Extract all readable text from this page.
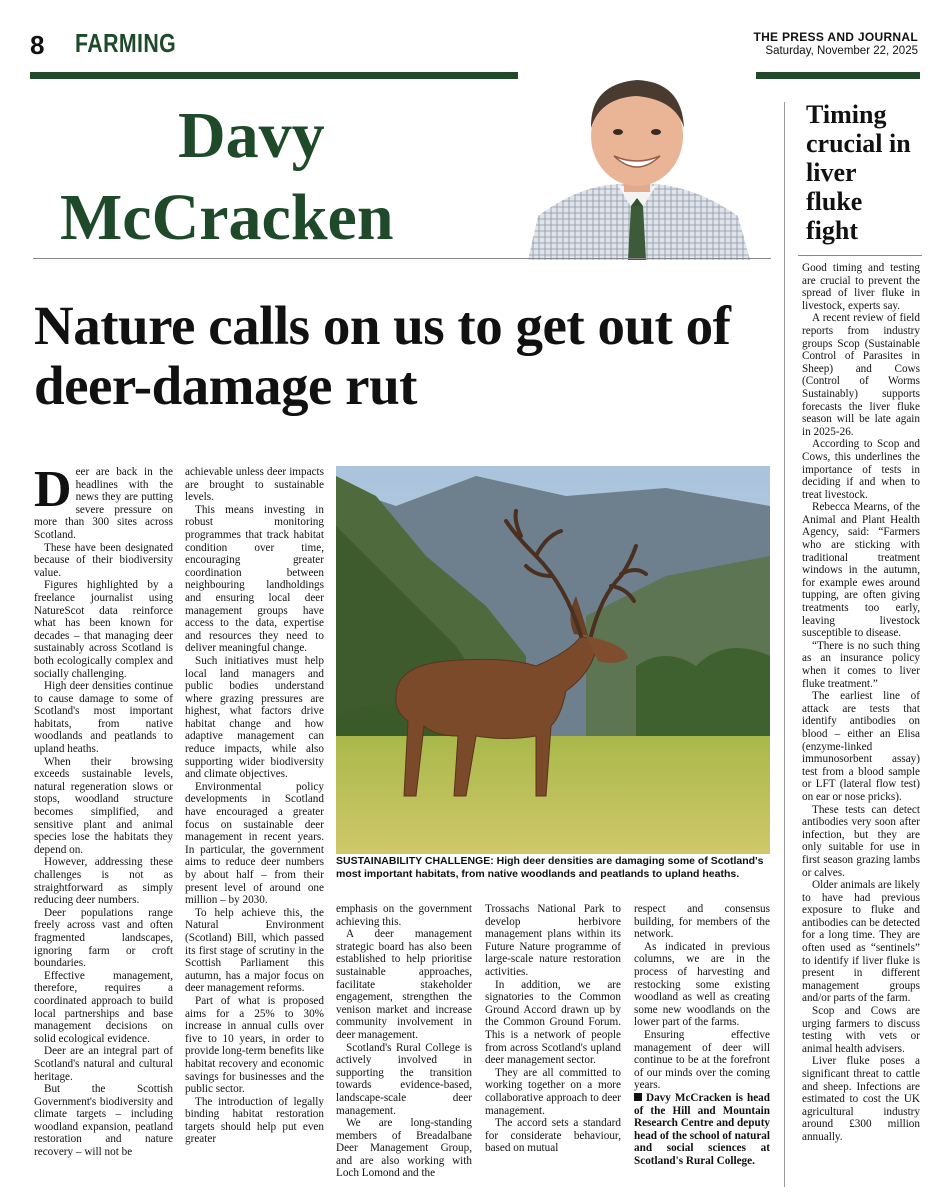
8 FARMING	THE PRESS AND JOURNAL
Saturday, November 22, 2025
Davy
McCracken
Nature calls on us to get out of deer-damage rut

Deer are back in the headlines with the news they are putting severe pressure on more than 300 sites across Scotland.

These have been designated because of their biodiversity value.

Figures highlighted by a freelance journalist using NatureScot data reinforce what has been known for decades – that managing deer sustainably across Scotland is both ecologically complex and socially challenging.

High deer densities continue to cause damage to some of Scotland's most important habitats, from native woodlands and peatlands to upland heaths.

When their browsing exceeds sustainable levels, natural regeneration slows or stops, woodland structure becomes simplified, and sensitive plant and animal species lose the habitats they depend on.

However, addressing these challenges is not as straightforward as simply reducing deer numbers.

Deer populations range freely across vast and often fragmented landscapes, ignoring farm or croft boundaries.

Effective management, therefore, requires a coordinated approach to build local partnerships and base management decisions on solid ecological evidence.

Deer are an integral part of Scotland's natural and cultural heritage.

But the Scottish Government's biodiversity and climate targets – including woodland expansion, peatland restoration and nature recovery – will not be

achievable unless deer impacts are brought to sustainable levels.

This means investing in robust monitoring programmes that track habitat condition over time, encouraging greater coordination between neighbouring landholdings and ensuring local deer management groups have access to the data, expertise and resources they need to deliver meaningful change.

Such initiatives must help local land managers and public bodies understand where grazing pressures are highest, what factors drive habitat change and how adaptive management can reduce impacts, while also supporting wider biodiversity and climate objectives.

Environmental policy developments in Scotland have encouraged a greater focus on sustainable deer management in recent years. In particular, the government aims to reduce deer numbers by about half – from their present level of around one million – by 2030.

To help achieve this, the Natural Environment (Scotland) Bill, which passed its first stage of scrutiny in the Scottish Parliament this autumn, has a major focus on deer management reforms.

Part of what is proposed aims for a 25% to 30% increase in annual culls over five to 10 years, in order to provide long-term benefits like habitat recovery and economic savings for businesses and the public sector.

The introduction of legally binding habitat restoration targets should help put even greater

SUSTAINABILITY CHALLENGE: High deer densities are damaging some of Scotland's most important habitats, from native woodlands and peatlands to upland heaths.

emphasis on the government achieving this.

A deer management strategic board has also been established to help prioritise sustainable approaches, facilitate stakeholder engagement, strengthen the venison market and increase community involvement in deer management.

Scotland's Rural College is actively involved in supporting the transition towards evidence-based, landscape-scale deer management.

We are long-standing members of Breadalbane Deer Management Group, and are also working with Loch Lomond and the

Trossachs National Park to develop herbivore management plans within its Future Nature programme of large-scale nature restoration activities.

In addition, we are signatories to the Common Ground Accord drawn up by the Common Ground Forum. This is a network of people from across Scotland's upland deer management sector.

They are all committed to working together on a more collaborative approach to deer management.

The accord sets a standard for considerate behaviour, based on mutual

respect and consensus building, for members of the network.

As indicated in previous columns, we are in the process of harvesting and restocking some existing woodland as well as creating some new woodlands on the lower part of the farms.

Ensuring effective management of deer will continue to be at the forefront of our minds over the coming years.

Davy McCracken is head of the Hill and Mountain Research Centre and deputy head of the school of natural and social sciences at Scotland's Rural College.

Timing crucial in liver fluke fight

Good timing and testing are crucial to prevent the spread of liver fluke in livestock, experts say.

A recent review of field reports from industry groups Scop (Sustainable Control of Parasites in Sheep) and Cows (Control of Worms Sustainably) supports forecasts the liver fluke season will be late again in 2025-26.

According to Scop and Cows, this underlines the importance of tests in deciding if and when to treat livestock.

Rebecca Mearns, of the Animal and Plant Health Agency, said: “Farmers who are sticking with traditional treatment windows in the autumn, for example ewes around tupping, are often giving treatments too early, leaving livestock susceptible to disease.

“There is no such thing as an insurance policy when it comes to liver fluke treatment.”

The earliest line of attack are tests that identify antibodies on blood – either an Elisa (enzyme-linked immunosorbent assay) test from a blood sample or LFT (lateral flow test) on ear or nose pricks).

These tests can detect antibodies very soon after infection, but they are only suitable for use in first season grazing lambs or calves.

Older animals are likely to have had previous exposure to fluke and antibodies can be detected for a long time. They are often used as “sentinels” to identify if liver fluke is present in different management groups and/or parts of the farm.

Scop and Cows are urging farmers to discuss testing with vets or animal health advisers.

Liver fluke poses a significant threat to cattle and sheep. Infections are estimated to cost the UK agricultural industry around £300 million annually.
